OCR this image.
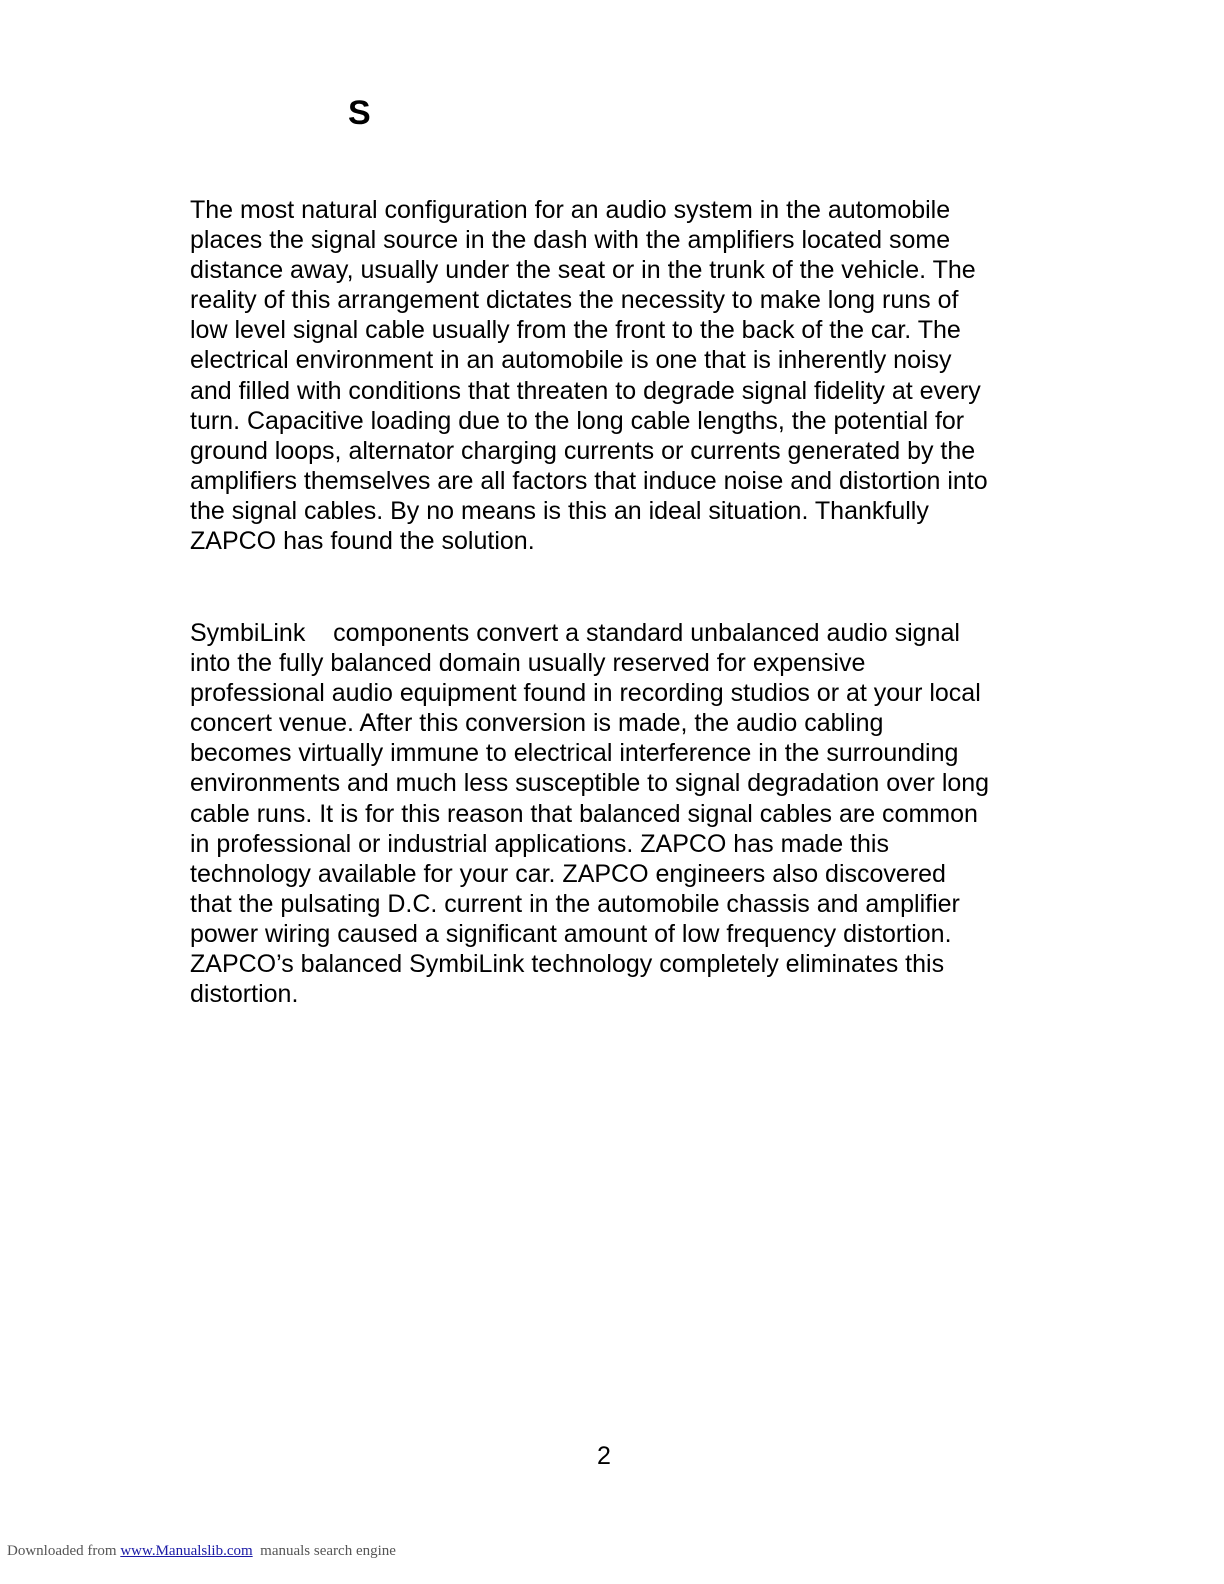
S
The most natural configuration for an audio system in the automobile
places the signal source in the dash with the amplifiers located some
distance away, usually under the seat or in the trunk of the vehicle. The
reality of this arrangement dictates the necessity to make long runs of
low level signal cable usually from the front to the back of the car. The
electrical environment in an automobile is one that is inherently noisy
and filled with conditions that threaten to degrade signal fidelity at every
turn. Capacitive loading due to the long cable lengths, the potential for
ground loops, alternator charging currents or currents generated by the
amplifiers themselves are all factors that induce noise and distortion into
the signal cables. By no means is this an ideal situation. Thankfully
ZAPCO has found the solution.
SymbiLink    components convert a standard unbalanced audio signal
into the fully balanced domain usually reserved for expensive
professional audio equipment found in recording studios or at your local
concert venue. After this conversion is made, the audio cabling
becomes virtually immune to electrical interference in the surrounding
environments and much less susceptible to signal degradation over long
cable runs. It is for this reason that balanced signal cables are common
in professional or industrial applications. ZAPCO has made this
technology available for your car. ZAPCO engineers also discovered
that the pulsating D.C. current in the automobile chassis and amplifier
power wiring caused a significant amount of low frequency distortion.
ZAPCO’s balanced SymbiLink technology completely eliminates this
distortion.
2
Downloaded from www.Manualslib.com manuals search engine
